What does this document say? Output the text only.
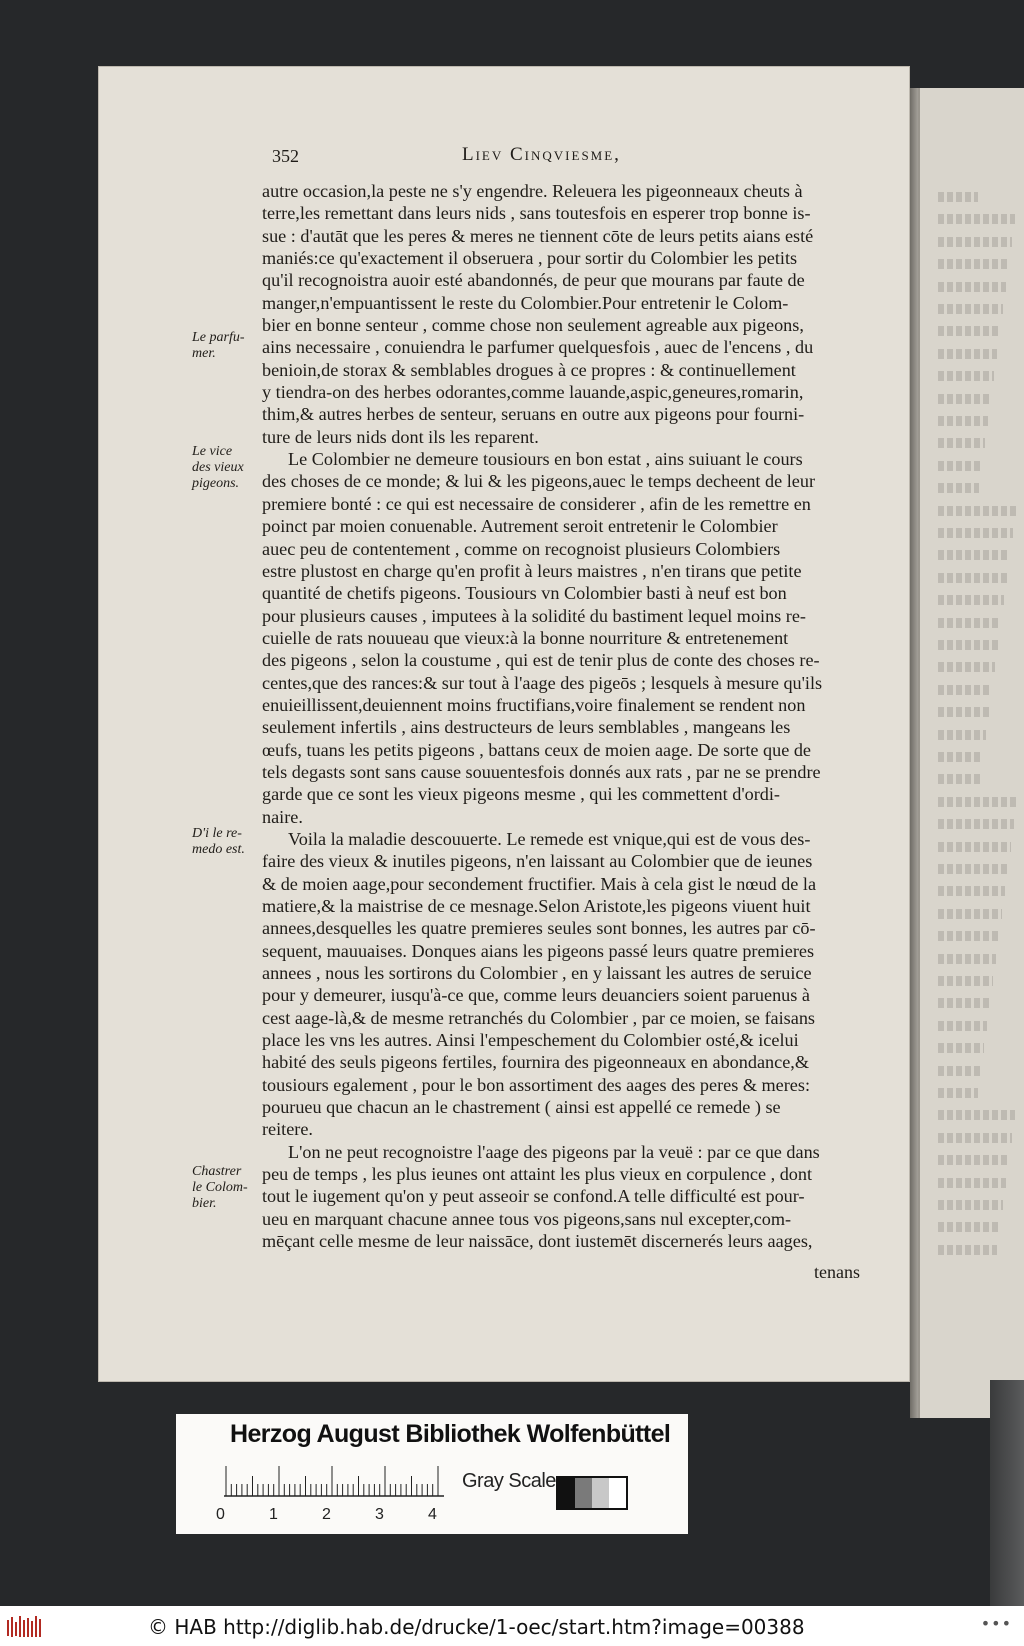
352	Liev Cinqviesme,

autre occasion,la peste ne s'y engendre. Releuera les pigeonneaux cheuts à

terre,les remettant dans leurs nids , sans toutesfois en esperer trop bonne is-

sue : d'autāt que les peres & meres ne tiennent cōte de leurs petits aians esté

maniés:ce qu'exactement il obseruera , pour sortir du Colombier les petits

qu'il recognoistra auoir esté abandonnés, de peur que mourans par faute de

manger,n'empuantissent le reste du Colombier.Pour entretenir le Colom-

bier en bonne senteur , comme chose non seulement agreable aux pigeons,

ains necessaire , conuiendra le parfumer quelquesfois , auec de l'encens , du

benioin,de storax & semblables drogues à ce propres : & continuellement

y tiendra-on des herbes odorantes,comme lauande,aspic,geneures,romarin,

thim,& autres herbes de senteur, seruans en outre aux pigeons pour fourni-

ture de leurs nids dont ils les reparent.

Le Colombier ne demeure tousiours en bon estat , ains suiuant le cours

des choses de ce monde; & lui & les pigeons,auec le temps decheent de leur

premiere bonté : ce qui est necessaire de considerer , afin de les remettre en

poinct par moien conuenable. Autrement seroit entretenir le Colombier

auec peu de contentement , comme on recognoist plusieurs Colombiers

estre plustost en charge qu'en profit à leurs maistres , n'en tirans que petite

quantité de chetifs pigeons. Tousiours vn Colombier basti à neuf est bon

pour plusieurs causes , imputees à la solidité du bastiment lequel moins re-

cuielle de rats nouueau que vieux:à la bonne nourriture & entretenement

des pigeons , selon la coustume , qui est de tenir plus de conte des choses re-

centes,que des rances:& sur tout à l'aage des pigeōs ; lesquels à mesure qu'ils

enuieillissent,deuiennent moins fructifians,voire finalement se rendent non

seulement infertils , ains destructeurs de leurs semblables , mangeans les

œufs, tuans les petits pigeons , battans ceux de moien aage. De sorte que de

tels degasts sont sans cause souuentesfois donnés aux rats , par ne se prendre

garde que ce sont les vieux pigeons mesme , qui les commettent d'ordi-

naire.

Voila la maladie descouuerte. Le remede est vnique,qui est de vous des-

faire des vieux & inutiles pigeons, n'en laissant au Colombier que de ieunes

& de moien aage,pour secondement fructifier. Mais à cela gist le nœud de la

matiere,& la maistrise de ce mesnage.Selon Aristote,les pigeons viuent huit

annees,desquelles les quatre premieres seules sont bonnes, les autres par cō-

sequent, mauuaises. Donques aians les pigeons passé leurs quatre premieres

annees , nous les sortirons du Colombier , en y laissant les autres de seruice

pour y demeurer, iusqu'à-ce que, comme leurs deuanciers soient paruenus à

cest aage-là,& de mesme retranchés du Colombier , par ce moien, se faisans

place les vns les autres. Ainsi l'empeschement du Colombier osté,& icelui

habité des seuls pigeons fertiles, fournira des pigeonneaux en abondance,&

tousiours egalement , pour le bon assortiment des aages des peres & meres:

pourueu que chacun an le chastrement ( ainsi est appellé ce remede ) se

reitere.

L'on ne peut recognoistre l'aage des pigeons par la veuë : par ce que dans

peu de temps , les plus ieunes ont attaint les plus vieux en corpulence , dont

tout le iugement qu'on y peut asseoir se confond.A telle difficulté est pour-

ueu en marquant chacune annee tous vos pigeons,sans nul excepter,com-

mēçant celle mesme de leur naissāce, dont iustemēt discernerés leurs aages,

tenans
Le parfu-
mer.
Le vice
des vieux
pigeons.
D'i le re-
medo est.
Chastrer
le Colom-
bier.
Herzog August Bibliothek Wolfenbüttel
0	1	2	3	4
Gray Scale
© HAB http://diglib.hab.de/drucke/1-oec/start.htm?image=00388	•••
